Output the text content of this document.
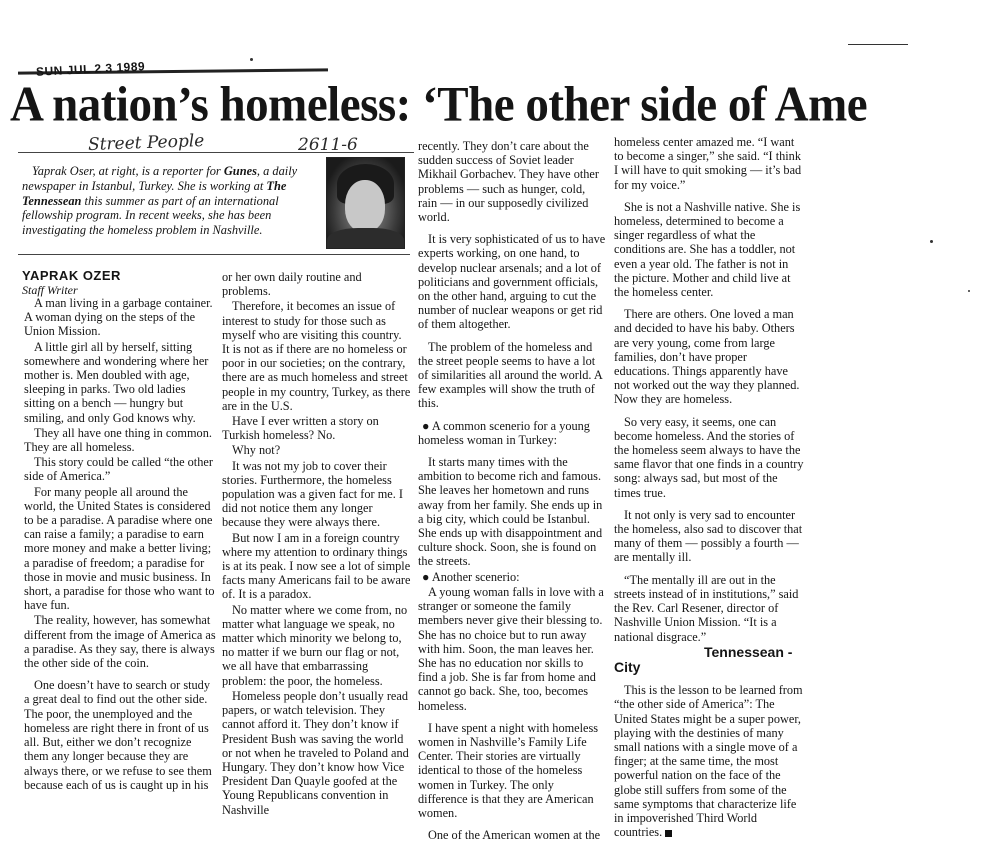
SUN JUL 2 3 1989
A nation’s homeless: ‘The other side of Ame
Street People	2611-6
Yaprak Oser, at right, is a reporter for Gunes, a daily newspaper in Istanbul, Turkey. She is working at The Tennessean this summer as part of an international fellowship program. In recent weeks, she has been investigating the homeless problem in Nashville.
YAPRAK OZER
Staff Writer

A man living in a garbage container. A woman dying on the steps of the Union Mission.

A little girl all by herself, sitting somewhere and wondering where her mother is. Men doubled with age, sleeping in parks. Two old ladies sitting on a bench — hungry but smiling, and only God knows why.

They all have one thing in common. They are all homeless.

This story could be called “the other side of America.”

For many people all around the world, the United States is considered to be a paradise. A paradise where one can raise a family; a paradise to earn more money and make a better living; a paradise of freedom; a paradise for those in movie and music business. In short, a paradise for those who want to have fun.

The reality, however, has somewhat different from the image of America as a paradise. As they say, there is always the other side of the coin.

One doesn’t have to search or study a great deal to find out the other side. The poor, the unemployed and the homeless are right there in front of us all. But, either we don’t recognize them any longer because they are always there, or we refuse to see them because each of us is caught up in his

or her own daily routine and problems.

Therefore, it becomes an issue of interest to study for those such as myself who are visiting this country. It is not as if there are no homeless or poor in our societies; on the contrary, there are as much homeless and street people in my country, Turkey, as there are in the U.S.

Have I ever written a story on Turkish homeless? No.

Why not?

It was not my job to cover their stories. Furthermore, the homeless population was a given fact for me. I did not notice them any longer because they were always there.

But now I am in a foreign country where my attention to ordinary things is at its peak. I now see a lot of simple facts many Americans fail to be aware of. It is a paradox.

No matter where we come from, no matter what language we speak, no matter which minority we belong to, no matter if we burn our flag or not, we all have that embarrassing problem: the poor, the homeless.

Homeless people don’t usually read papers, or watch television. They cannot afford it. They don’t know if President Bush was saving the world or not when he traveled to Poland and Hungary. They don’t know how Vice President Dan Quayle goofed at the Young Republicans convention in Nashville

recently. They don’t care about the sudden success of Soviet leader Mikhail Gorbachev. They have other problems — such as hunger, cold, rain — in our supposedly civilized world.

It is very sophisticated of us to have experts working, on one hand, to develop nuclear arsenals; and a lot of politicians and government officials, on the other hand, arguing to cut the number of nuclear weapons or get rid of them altogether.

The problem of the homeless and the street people seems to have a lot of similarities all around the world. A few examples will show the truth of this.

● A common scenerio for a young homeless woman in Turkey:

It starts many times with the ambition to become rich and famous. She leaves her hometown and runs away from her family. She ends up in a big city, which could be Istanbul. She ends up with disappointment and culture shock. Soon, she is found on the streets.

● Another scenerio:

A young woman falls in love with a stranger or someone the family members never give their blessing to. She has no choice but to run away with him. Soon, the man leaves her. She has no education nor skills to find a job. She is far from home and cannot go back. She, too, becomes homeless.

I have spent a night with homeless women in Nashville’s Family Life Center. Their stories are virtually identical to those of the homeless women in Turkey. The only difference is that they are American women.

One of the American women at the

homeless center amazed me. “I want to become a singer,” she said. “I think I will have to quit smoking — it’s bad for my voice.”

She is not a Nashville native. She is homeless, determined to become a singer regardless of what the conditions are. She has a toddler, not even a year old. The father is not in the picture. Mother and child live at the homeless center.

There are others. One loved a man and decided to have his baby. Others are very young, come from large families, don’t have proper educations. Things apparently have not worked out the way they planned. Now they are homeless.

So very easy, it seems, one can become homeless. And the stories of the homeless seem always to have the same flavor that one finds in a country song: always sad, but most of the times true.

It not only is very sad to encounter the homeless, also sad to discover that many of them — possibly a fourth — are mentally ill.

“The mentally ill are out in the streets instead of in institutions,” said the Rev. Carl Resener, director of Nashville Union Mission. “It is a national disgrace.”

Tennessean - City

This is the lesson to be learned from “the other side of America”: The United States might be a super power, playing with the destinies of many small nations with a single move of a finger; at the same time, the most powerful nation on the face of the globe still suffers from some of the same symptoms that characterize life in impoverished Third World countries.
